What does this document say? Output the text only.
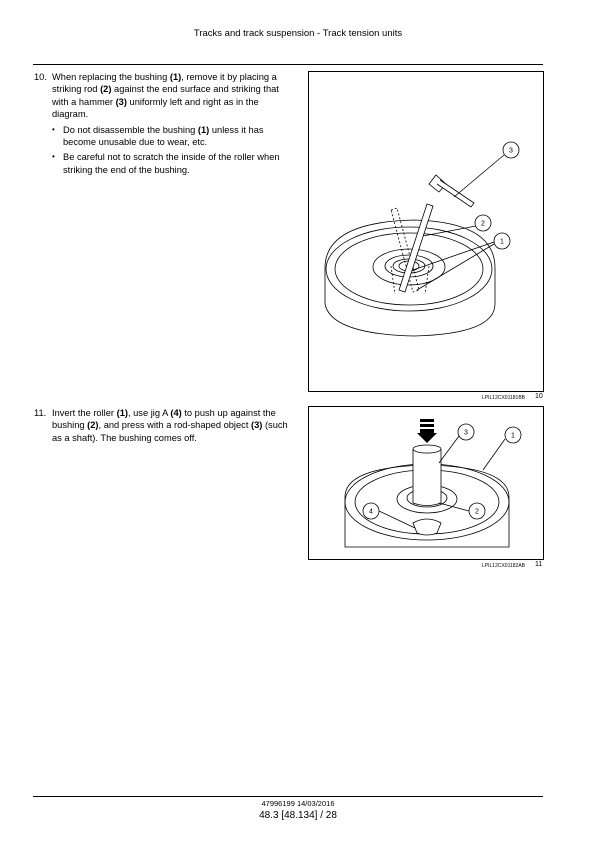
Tracks and track suspension - Track tension units
10. When replacing the bushing (1), remove it by placing a striking rod (2) against the end surface and striking that with a hammer (3) uniformly left and right as in the diagram.
• Do not disassemble the bushing (1) unless it has become unusable due to wear, etc.
• Be careful not to scratch the inside of the roller when striking the end of the bushing.
3
2
1
LPIL12CX01181BB 10
11. Invert the roller (1), use jig A (4) to push up against the bushing (2), and press with a rod-shaped object (3) (such as a shaft). The bushing comes off.	3	1
4	2
LPIL12CX01182AB 11
47996199 14/03/2016
48.3 [48.134] / 28
